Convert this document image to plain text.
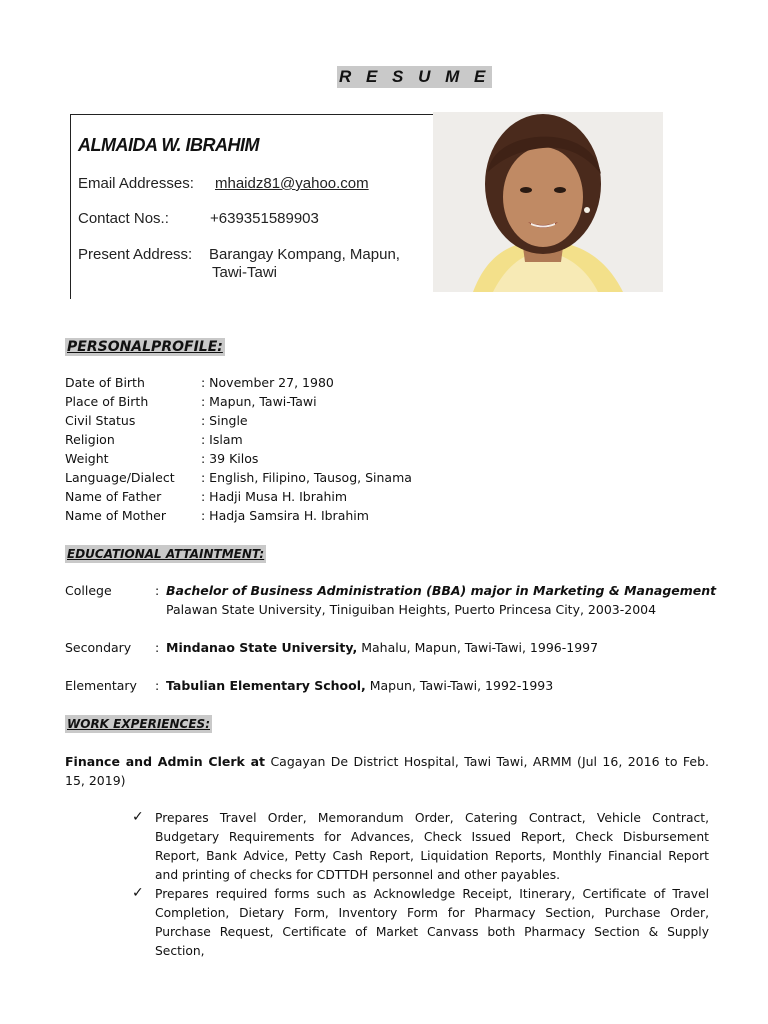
R E S U M E
ALMAIDA W. IBRAHIM
Email Addresses: mhaidz81@yahoo.com
Contact Nos.:	+639351589903
Present Address: Barangay Kompang, Mapun,
Tawi-Tawi
PERSONALPROFILE:
Date of Birth	: November 27, 1980
Place of Birth	: Mapun, Tawi-Tawi
Civil Status	: Single
Religion	: Islam
Weight	: 39 Kilos
Language/Dialect : English, Filipino, Tausog, Sinama
Name of Father	: Hadji Musa H. Ibrahim
Name of Mother	: Hadja Samsira H. Ibrahim
EDUCATIONAL ATTAINTMENT:
College	: Bachelor of Business Administration (BBA) major in Marketing & Management
Palawan State University, Tiniguiban Heights, Puerto Princesa City, 2003-2004
Secondary : Mindanao State University, Mahalu, Mapun, Tawi-Tawi, 1996-1997
Elementary : Tabulian Elementary School, Mapun, Tawi-Tawi, 1992-1993
WORK EXPERIENCES:
Finance and Admin Clerk at Cagayan De District Hospital, Tawi Tawi, ARMM (Jul 16, 2016 to Feb. 15, 2019)
✓ Prepares Travel Order, Memorandum Order, Catering Contract, Vehicle Contract, Budgetary Requirements for Advances, Check Issued Report, Check Disbursement Report, Bank Advice, Petty Cash Report, Liquidation Reports, Monthly Financial Report and printing of checks for CDTTDH personnel and other payables.
✓ Prepares required forms such as Acknowledge Receipt, Itinerary, Certificate of Travel Completion, Dietary Form, Inventory Form for Pharmacy Section, Purchase Order, Purchase Request, Certificate of Market Canvass both Pharmacy Section & Supply Section,
